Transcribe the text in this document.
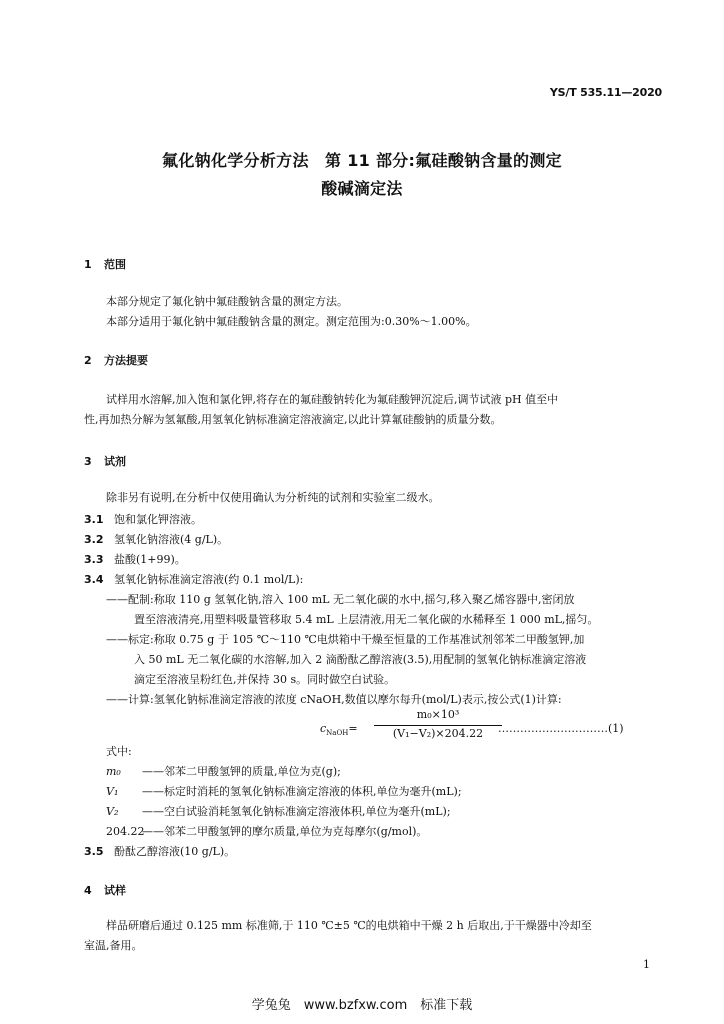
YS/T 535.11—2020
氟化钠化学分析方法　第 11 部分:氟硅酸钠含量的测定
酸碱滴定法
1 范围
本部分规定了氟化钠中氟硅酸钠含量的测定方法。
本部分适用于氟化钠中氟硅酸钠含量的测定。测定范围为:0.30%～1.00%。
2 方法提要
试样用水溶解,加入饱和氯化钾,将存在的氟硅酸钠转化为氟硅酸钾沉淀后,调节试液 pH 值至中
性,再加热分解为氢氟酸,用氢氧化钠标准滴定溶液滴定,以此计算氟硅酸钠的质量分数。
3 试剂
除非另有说明,在分析中仅使用确认为分析纯的试剂和实验室二级水。
3.1 饱和氯化钾溶液。
3.2 氢氧化钠溶液(4 g/L)。
3.3 盐酸(1+99)。
3.4 氢氧化钠标准滴定溶液(约 0.1 mol/L):
——配制:称取 110 g 氢氧化钠,溶入 100 mL 无二氧化碳的水中,摇匀,移入聚乙烯容器中,密闭放
置至溶液清亮,用塑料吸量管移取 5.4 mL 上层清液,用无二氧化碳的水稀释至 1 000 mL,摇匀。
——标定:称取 0.75 g 于 105 ℃～110 ℃电烘箱中干燥至恒量的工作基准试剂邻苯二甲酸氢钾,加
入 50 mL 无二氧化碳的水溶解,加入 2 滴酚酞乙醇溶液(3.5),用配制的氢氧化钠标准滴定溶液
滴定至溶液呈粉红色,并保持 30 s。同时做空白试验。
——计算:氢氧化钠标准滴定溶液的浓度 cNaOH,数值以摩尔每升(mol/L)表示,按公式(1)计算:
$c_{NaOH}=$
m₀×10³
(V₁−V₂)×204.22	…………………………(1)
式中:
m₀ ——邻苯二甲酸氢钾的质量,单位为克(g);
V₁ ——标定时消耗的氢氧化钠标准滴定溶液的体积,单位为毫升(mL);
V₂ ——空白试验消耗氢氧化钠标准滴定溶液体积,单位为毫升(mL);
204.22——邻苯二甲酸氢钾的摩尔质量,单位为克每摩尔(g/mol)。
3.5 酚酞乙醇溶液(10 g/L)。
4 试样
样品研磨后通过 0.125 mm 标准筛,于 110 ℃±5 ℃的电烘箱中干燥 2 h 后取出,于干燥器中冷却至
室温,备用。
1
学兔兔　www.bzfxw.com　标准下载
